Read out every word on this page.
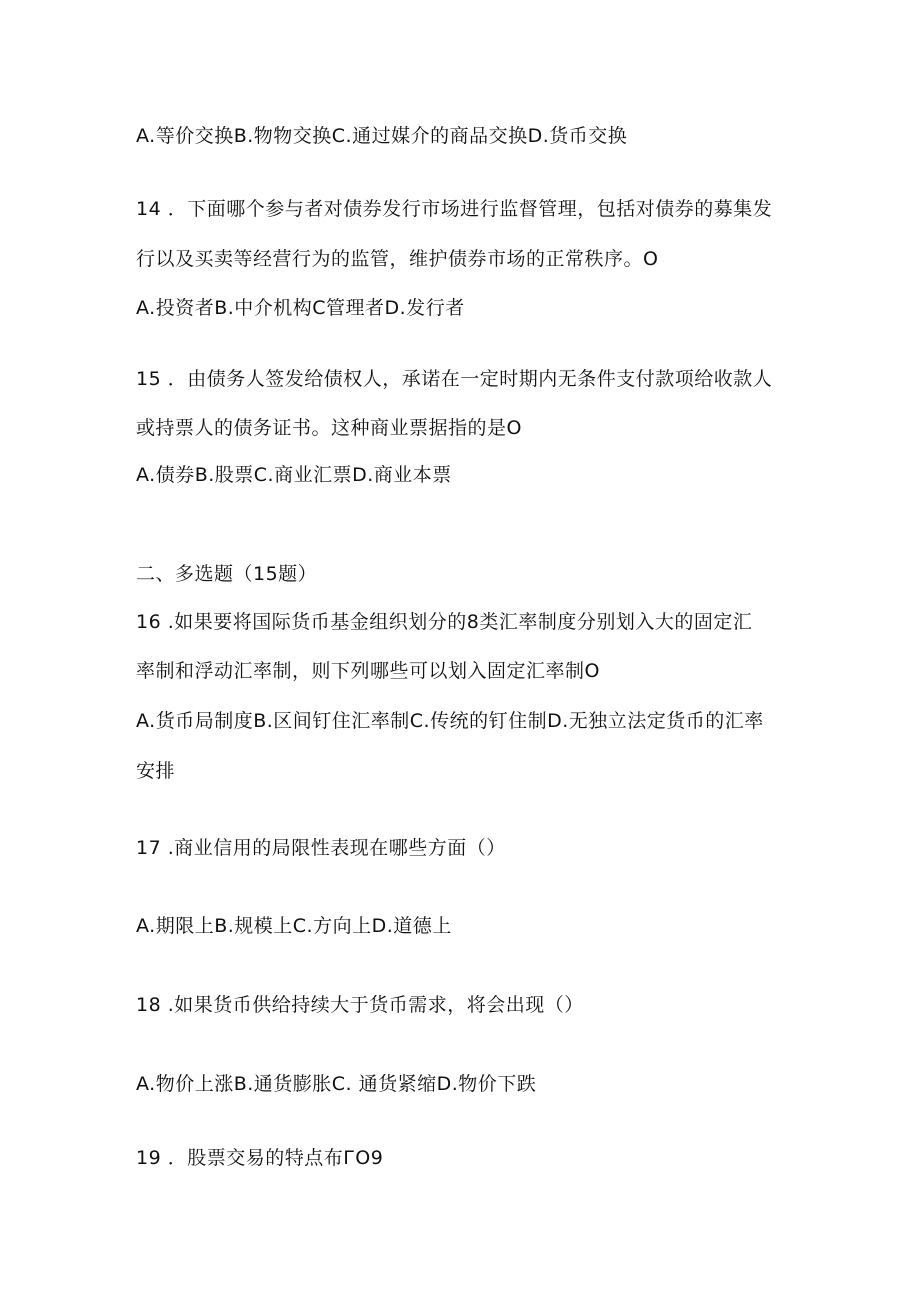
A.等价交换B.物物交换C.通过媒介的商品交换D.货币交换
14 ．下面哪个参与者对债券发行市场进行监督管理，包括对债券的募集发
行以及买卖等经营行为的监管，维护债券市场的正常秩序。O
A.投资者B.中介机构C管理者D.发行者
15 ．由债务人签发给债权人，承诺在一定时期内无条件支付款项给收款人
或持票人的债务证书。这种商业票据指的是O
A.债券B.股票C.商业汇票D.商业本票
二、多选题（15题）
16 .如果要将国际货币基金组织划分的8类汇率制度分别划入大的固定汇
率制和浮动汇率制，则下列哪些可以划入固定汇率制O
A.货币局制度B.区间钉住汇率制C.传统的钉住制D.无独立法定货币的汇率
安排
17 .商业信用的局限性表现在哪些方面（）
A.期限上B.规模上C.方向上D.道德上
18 .如果货币供给持续大于货币需求，将会出现（）
A.物价上涨B.通货膨胀C. 通货紧缩D.物价下跌
19 ．股票交易的特点布ГO9
